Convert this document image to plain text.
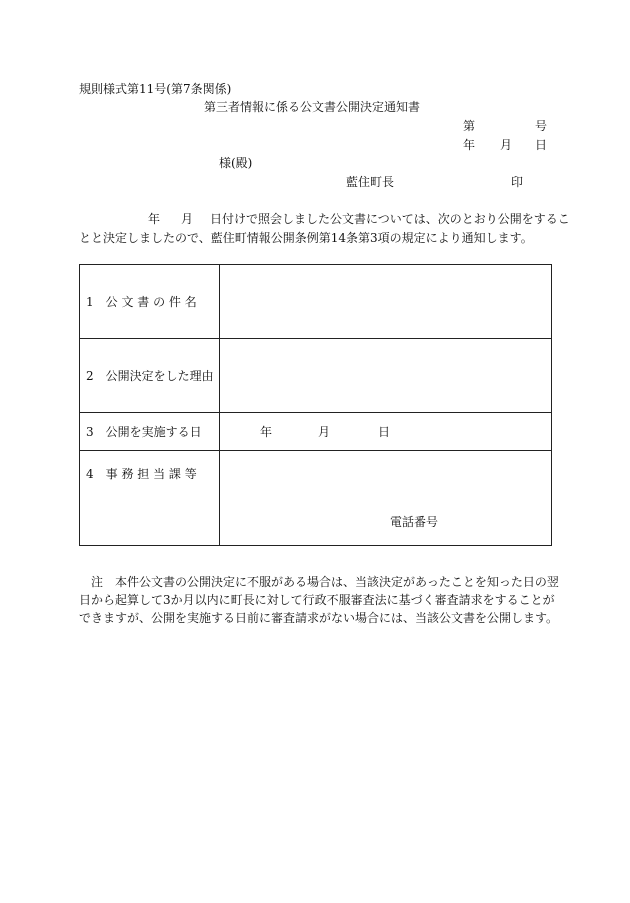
規則様式第11号(第7条関係)
第三者情報に係る公文書公開決定通知書
第	号
年 月 日
様(殿)
藍住町長	印
年 月 日付けで照会しました公文書については、次のとおり公開をするこ
とと決定しましたので、藍住町情報公開条例第14条第3項の規定により通知します。
1　公 文 書 の 件 名	
2　公開決定をした理由	
3　公開を実施する日	年 月 日

4　事 務 担 当 課 等	電話番号
　注　本件公文書の公開決定に不服がある場合は、当該決定があったことを知った日の翌
日から起算して3か月以内に町長に対して行政不服審査法に基づく審査請求をすることが
できますが、公開を実施する日前に審査請求がない場合には、当該公文書を公開します。
